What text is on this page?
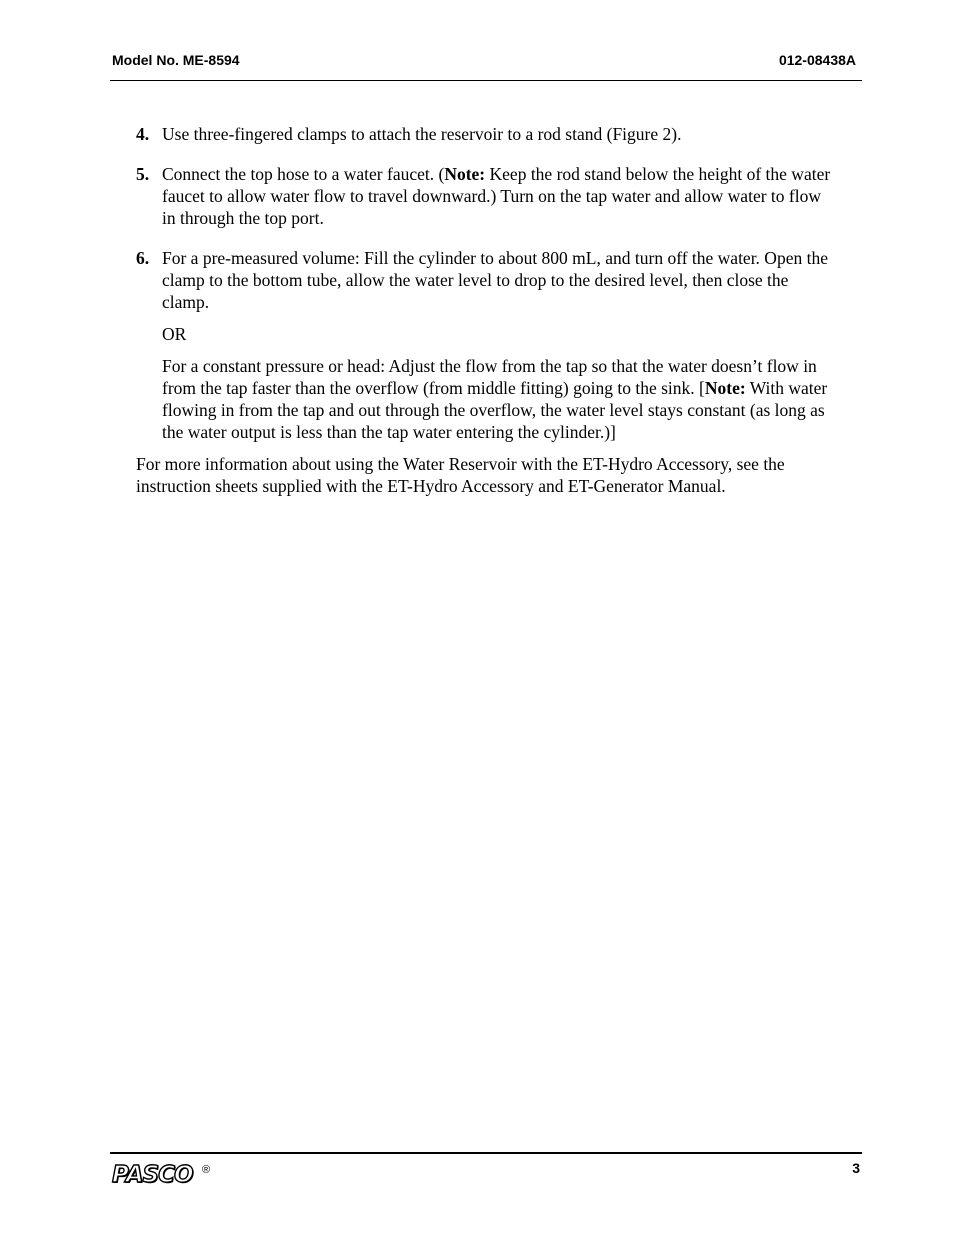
Model No. ME-8594	012-08438A

4. Use three-fingered clamps to attach the reservoir to a rod stand (Figure 2).

5. Connect the top hose to a water faucet. (Note: Keep the rod stand below the height of the water faucet to allow water flow to travel downward.) Turn on the tap water and allow water to flow in through the top port.

6. For a pre-measured volume: Fill the cylinder to about 800 mL, and turn off the water. Open the clamp to the bottom tube, allow the water level to drop to the desired level, then close the clamp.

OR

For a constant pressure or head: Adjust the flow from the tap so that the water doesn’t flow in from the tap faster than the overflow (from middle fitting) going to the sink. [Note: With water flowing in from the tap and out through the overflow, the water level stays constant (as long as the water output is less than the tap water entering the cylinder.)]

For more information about using the Water Reservoir with the ET-Hydro Accessory, see the instruction sheets supplied with the ET-Hydro Accessory and ET-Generator Manual.

PASCO ®	3
